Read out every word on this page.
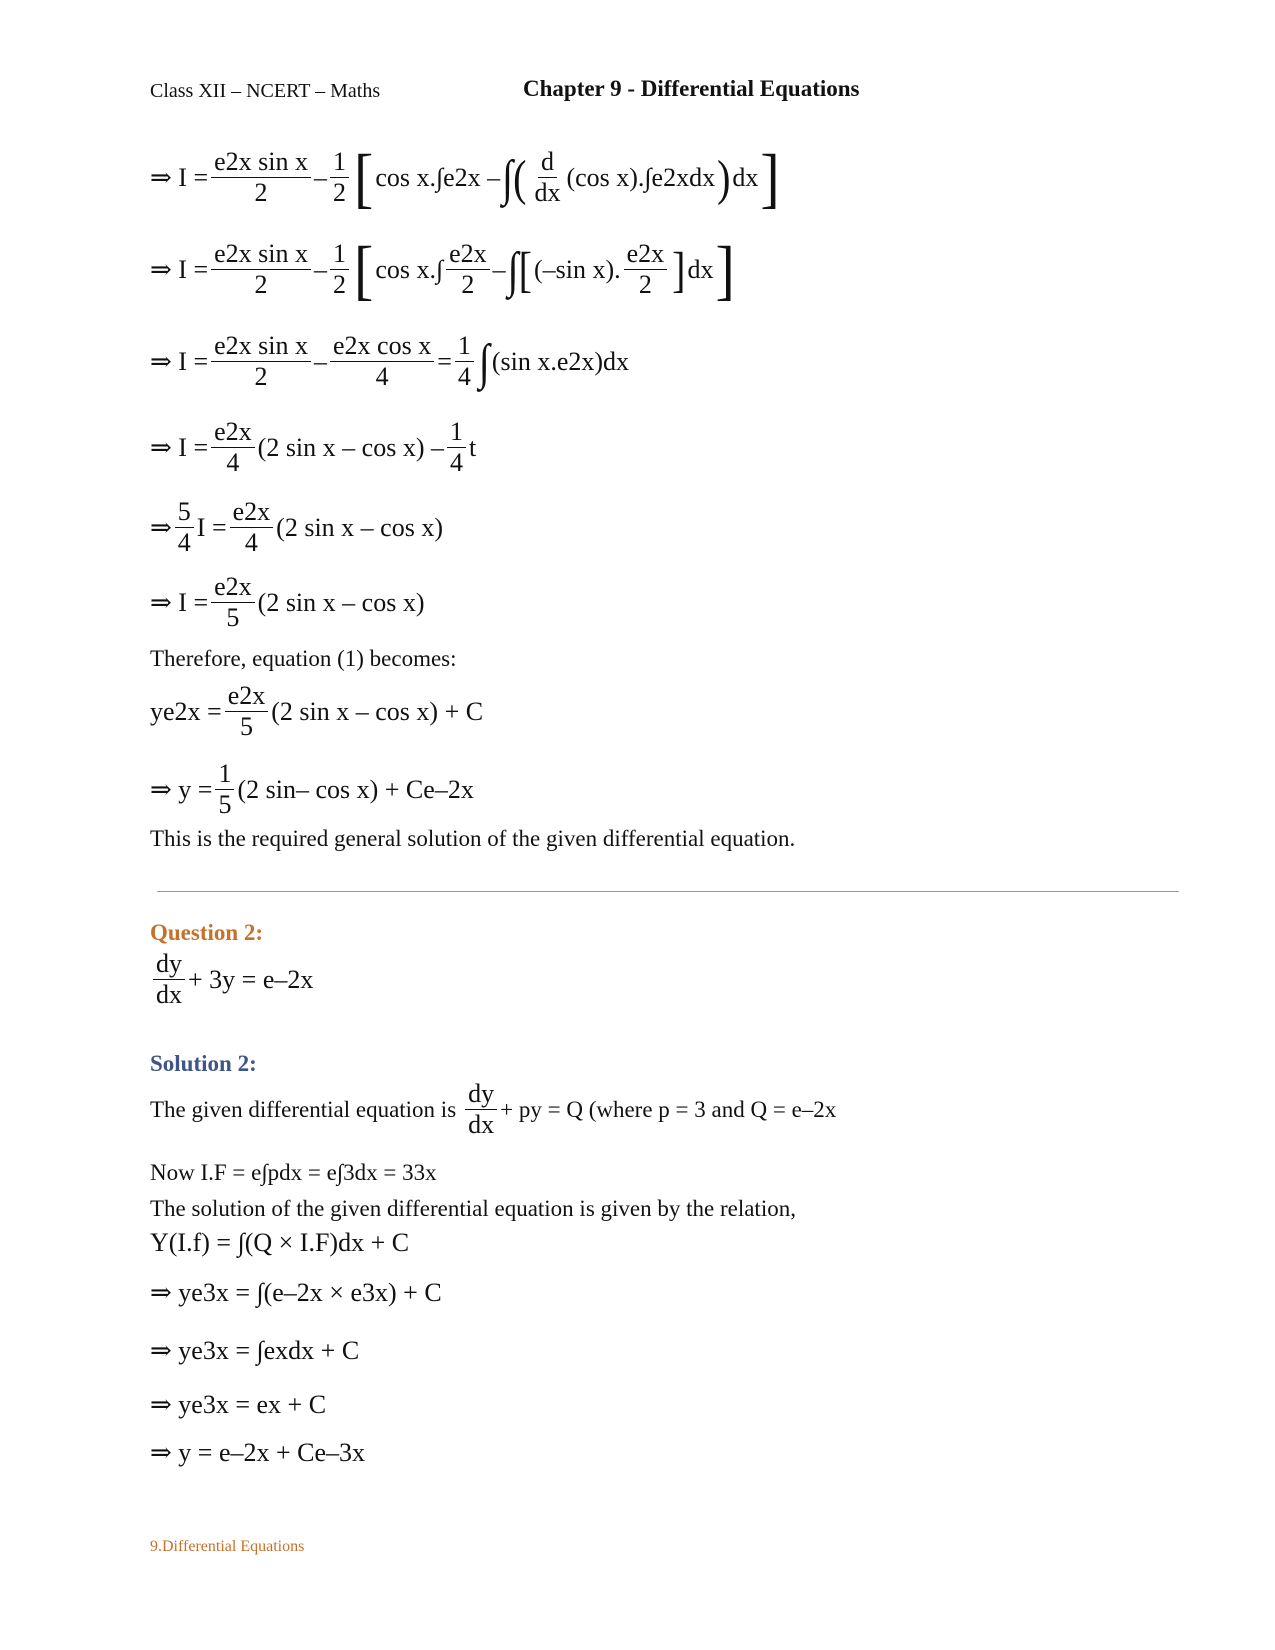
Class XII – NCERT – Maths	Chapter 9 - Differential Equations
⇒ $I = \frac{\text{e2x sin x}}{2} - \frac{1}{2}$ [ cos x.∫e2x – ∫( $\frac{d}{dx} (\cos$ x).∫e2xdx ) dx ]
⇒ $I = \frac{\text{e2x sin x}}{2} - \frac{1}{2}$ [ $\cos x.\int \frac{e2x}{2}$ – ∫[ (–sin x). $\frac{e2x}{2}$ ] dx ]
⇒ $I = \frac{\text{e2x sin x}}{2} - \frac{\text{e2x cos x}}{4} = \frac{1}{4}$ ∫ (sin x.e2x)dx
⇒ $I = \frac{e2x}{4} (2$ sin x – $\cos x) - \frac{1}{4}$ t
⇒ $\frac{5}{4}$ $I = \frac{e2x}{4} (2$ sin x – cos x)
⇒ $I = \frac{e2x}{5} (2$ sin x – cos x)
Therefore, equation (1) becomes:
$ye2x = \frac{e2x}{5} (2$ sin x – cos x) + C
⇒ $y = \frac{1}{5} (2$ sin– cos x) + Ce–2x
This is the required general solution of the given differential equation.
Question 2:
$\frac{dy}{dx} + 3y = e-2x$
Solution 2:
The given differential equation is $\frac{dy}{dx}$ + py = Q (where p = 3 and Q = e–2x
Now I.F = e∫pdx = e∫3dx = 33x
The solution of the given differential equation is given by the relation,
Y(I.f) = ∫(Q × I.F)dx + C
⇒ ye3x = ∫(e–2x × e3x) + C
⇒ ye3x = ∫exdx + C
⇒ ye3x = ex + C
⇒ y = e–2x + Ce–3x
9.Differential Equations
